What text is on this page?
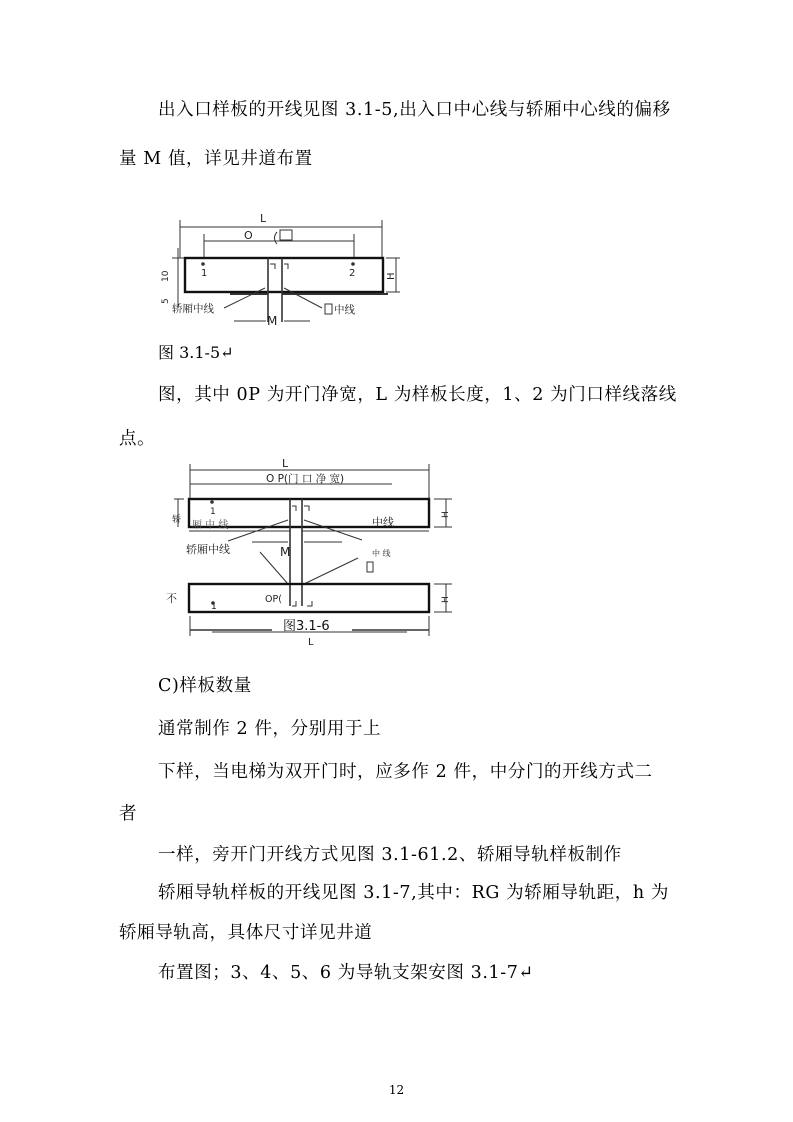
出入口样板的开线见图 3.1-5,出入口中心线与轿厢中心线的偏移
量 M 值，详见井道布置
L
O
1	2	H
10
5
轿厢中线
M
中线
图 3.1-5↵
图，其中 0P 为开门净宽，L 为样板长度，1、2 为门口样线落线
点。
L
O P(门 口 净 宽)
1	H
轿 厢 中 线	中线
轿厢中线	M	中 线
不	OP(
1
H
图3.1-6
L
C)样板数量
通常制作 2 件，分别用于上
下样，当电梯为双开门时，应多作 2 件，中分门的开线方式二
者
一样，旁开门开线方式见图 3.1-61.2、轿厢导轨样板制作
轿厢导轨样板的开线见图 3.1-7,其中：RG 为轿厢导轨距，h 为
轿厢导轨高，具体尺寸详见井道
布置图；3、4、5、6 为导轨支架安图 3.1-7↵
12
